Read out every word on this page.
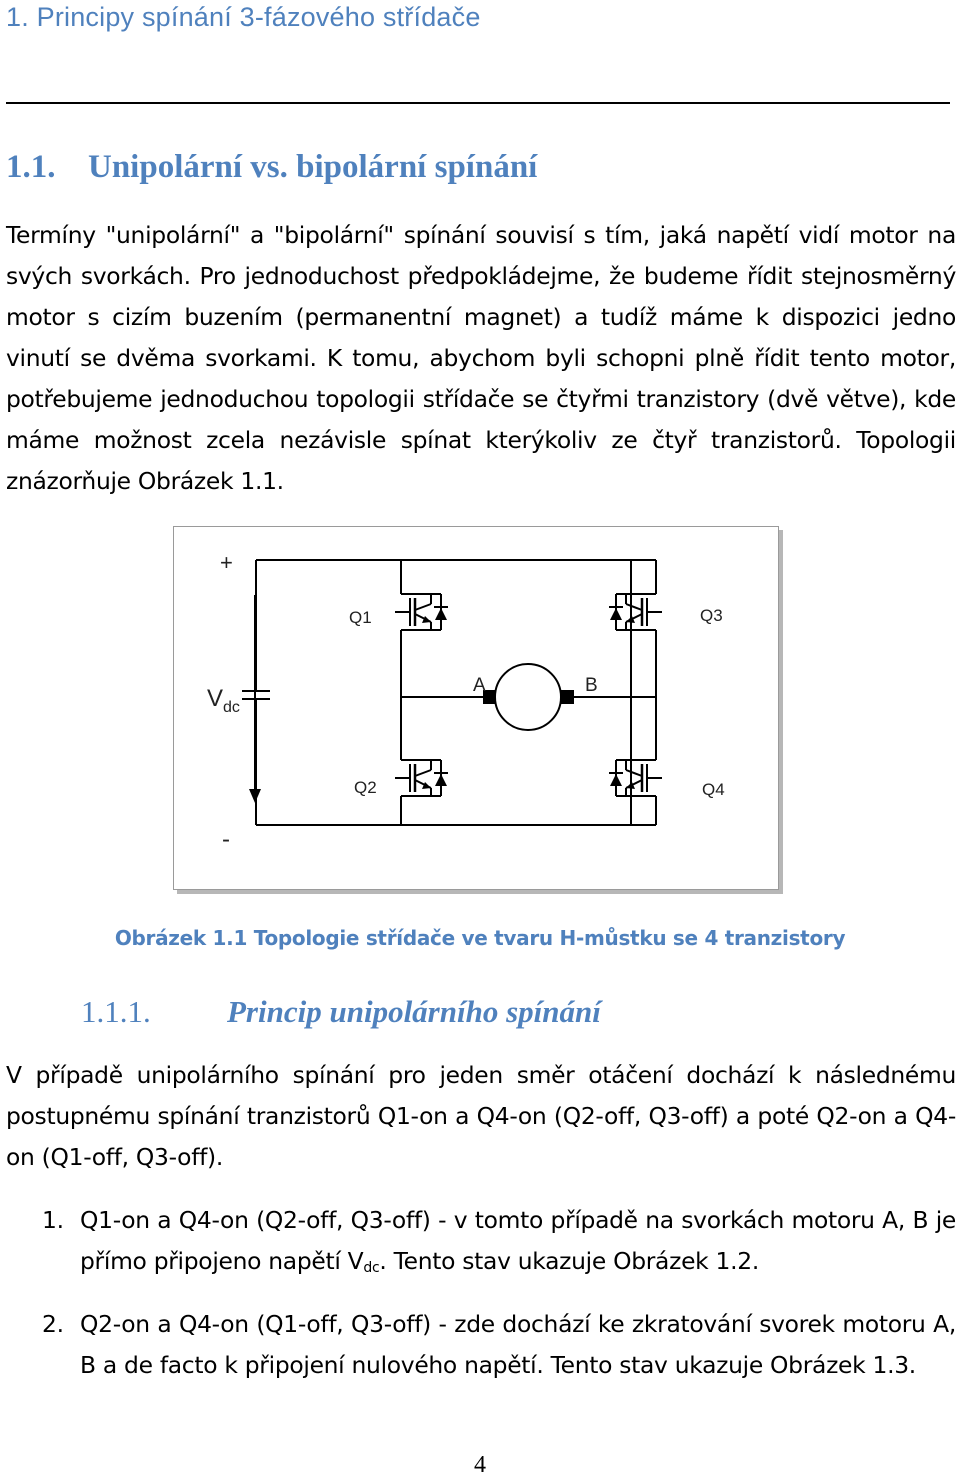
1. Principy spínání 3-fázového střídače
1.1. Unipolární vs. bipolární spínání

Termíny "unipolární" a "bipolární" spínání souvisí s tím, jaká napětí vidí motor na svých svorkách. Pro jednoduchost předpokládejme, že budeme řídit stejnosměrný motor s cizím buzením (permanentní magnet) a tudíž máme k dispozici jedno vinutí se dvěma svorkami. K tomu, abychom byli schopni plně řídit tento motor, potřebujeme jednoduchou topologii střídače se čtyřmi tranzistory (dvě větve), kde máme možnost zcela nezávisle spínat kterýkoliv ze čtyř tranzistorů. Topologii znázorňuje Obrázek 1.1.

+
-
$V_{dc}$
Q1
Q2
Q3
Q4
A	B
Obrázek 1.1 Topologie střídače ve tvaru H-můstku se 4 tranzistory
1.1.1. Princip unipolárního spínání

V případě unipolárního spínání pro jeden směr otáčení dochází k následnému postupnému spínání tranzistorů Q1-on a Q4-on (Q2-off, Q3-off) a poté Q2-on a Q4-on (Q1-off, Q3-off).

1. Q1-on a Q4-on (Q2-off, Q3-off) - v tomto případě na svorkách motoru A, B je přímo připojeno napětí $V_{dc}$. Tento stav ukazuje Obrázek 1.2.
2. Q2-on a Q4-on (Q1-off, Q3-off) - zde dochází ke zkratování svorek motoru A, B a de facto k připojení nulového napětí. Tento stav ukazuje Obrázek 1.3.
4
